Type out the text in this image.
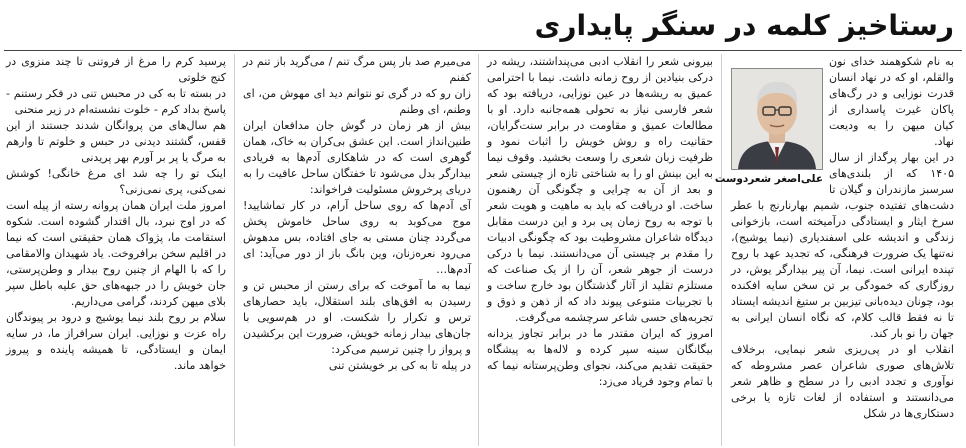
رستاخیز کلمه در سنگر پایداری
علی‌اصغر شعردوست

به نام شکوهمند خدای نون والقلم، او که در نهاد انسان قدرت نوزایی و در رگ‌های پاکان غیرت پاسداری از کیان میهن را به ودیعت نهاد.

در این بهار پرگداز از سال ۱۴۰۵ که از بلندی‌های سرسبز مازندران و گیلان تا دشت‌های تفتیده جنوب، شمیم بهارنارنج با عطر سرخ ایثار و ایستادگی درآمیخته است، بازخوانی زندگی و اندیشه علی اسفندیاری (نیما یوشیج)، نه‌تنها یک ضرورت فرهنگی، که تجدید عهد با روح تپنده ایرانی است. نیما، آن پیر بیدارگر یوش، در روزگاری که خمودگی بر تن سخن سایه افکنده بود، چونان دیده‌بانی تیزبین بر ستیغ اندیشه ایستاد تا نه فقط قالب کلام، که نگاه انسان ایرانی به جهان را نو بار کند.

انقلاب او در پی‌ریزی شعر نیمایی، برخلاف تلاش‌های صوری شاعران عصر مشروطه که نوآوری و تجدد ادبی را در سطح و ظاهر شعر می‌دانستند و استفاده از لغات تازه یا برخی دستکاری‌ها در شکل

بیرونی شعر را انقلاب ادبی می‌پنداشتند، ریشه در درکی بنیادین از روح زمانه داشت. نیما با احترامی عمیق به ریشه‌ها در عین نوزایی، دریافته بود که شعر فارسی نیاز به تحولی همه‌جانبه دارد. او با مطالعات عمیق و مقاومت در برابر سنت‌گرایان، حقانیت راه و روش خویش را اثبات نمود و ظرفیت زبان شعری را وسعت بخشید. وقوف نیما به این بینش او را به شناختی تازه از چیستی شعر و بعد از آن به چرایی و چگونگی آن رهنمون ساخت. او دریافت که باید به ماهیت و هویت شعر با توجه به روح زمان پی برد و این درست مقابل دیدگاه شاعران مشروطیت بود که چگونگی ادبیات را مقدم بر چیستی آن می‌دانستند. نیما با درکی درست از جوهر شعر، آن را از یک صناعت که مستلزم تقلید از آثار گذشتگان بود خارج ساخت و با تجربیات متنوعی پیوند داد که از ذهن و ذوق و تجربه‌های حسی شاعر سرچشمه می‌گرفت.

امروز که ایران مقتدر ما در برابر تجاوز یزدانه بیگانگان سینه سپر کرده و لاله‌ها به پیشگاه حقیقت تقدیم می‌کند، نجوای وطن‌پرستانه نیما که با تمام وجود فریاد می‌زد:

می‌میرم صد بار پس مرگ تنم / می‌گرید باز تنم در کفنم

زان رو که در گری تو نتوانم دید ای مهوش من، ای وطنم، ای وطنم

بیش از هر زمان در گوش جان مدافعان ایران طنین‌انداز است. این عشق بی‌کران به خاک، همان گوهری است که در شاهکاری آدم‌ها به فریادی بیدارگر بدل می‌شود تا خفتگان ساحل عافیت را به دریای پرخروش مسئولیت فراخواند:

آی آدم‌ها که روی ساحل آرام، در کار تماشایید! موج می‌کوبد به روی ساحل خاموش پخش می‌گردد چنان مستی به جای افتاده، بس مدهوش می‌رود نعره‌زنان، وین بانگ باز از دور می‌آید: ای آدم‌ها…

نیما به ما آموخت که برای رستن از محبس تن و رسیدن به افق‌های بلند استقلال، باید حصارهای ترس و تکرار را شکست. او در هم‌سویی با جان‌های بیدار زمانه خویش، ضرورت این برکشیدن و پرواز را چنین ترسیم می‌کرد:

در پیله تا به کی بر خویشتن تنی

پرسید کرم را مرغ از فروتنی تا چند منزوی در کنج خلوتی

در بسته تا به کی در محبس تنی در فکر رستنم - پاسخ بداد کرم - خلوت نشسته‌ام در زیر منحنی

هم سال‌های من پروانگان شدند جستند از این قفس، گشتند دیدنی در حبس و خلوتم تا وارهم به مرگ یا پر بر آورم بهر پریدنی

اینک تو را چه شد ای مرغ خانگی! کوشش نمی‌کنی، پری نمی‌زنی؟

امروز ملت ایران همان پروانه رسته از پیله است که در اوج نبرد، بال اقتدار گشوده است. شکوه استقامت ما، پژواک همان حقیقتی است که نیما در اقلیم سخن برافروخت. یاد شهیدان والامقامی را که با الهام از چنین روح بیدار و وطن‌پرستی، جان خویش را در جبهه‌های حق علیه باطل سپر بلای میهن کردند، گرامی می‌داریم.

سلام بر روح بلند نیما یوشیج و درود بر پیوندگان راه عزت و نوزایی. ایران سرافراز ما، در سایه ایمان و ایستادگی، تا همیشه پاینده و پیروز خواهد ماند.
